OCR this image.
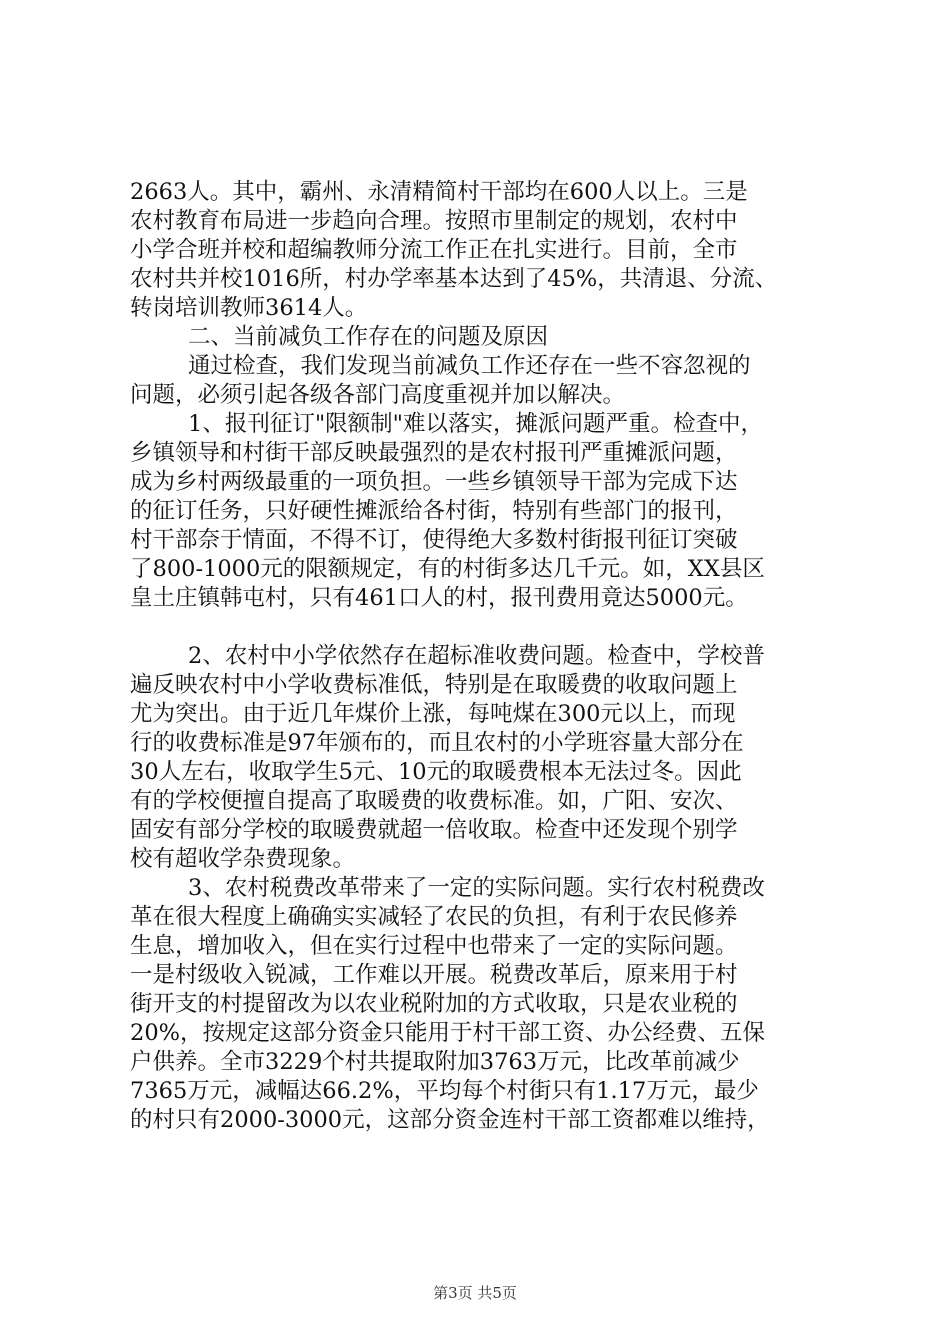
2663人。其中，霸州、永清精简村干部均在600人以上。三是
农村教育布局进一步趋向合理。按照市里制定的规划，农村中
小学合班并校和超编教师分流工作正在扎实进行。目前，全市
农村共并校1016所，村办学率基本达到了45%，共清退、分流、
转岗培训教师3614人。
二、当前减负工作存在的问题及原因
通过检查，我们发现当前减负工作还存在一些不容忽视的
问题，必须引起各级各部门高度重视并加以解决。
1、报刊征订"限额制"难以落实，摊派问题严重。检查中，
乡镇领导和村街干部反映最强烈的是农村报刊严重摊派问题，
成为乡村两级最重的一项负担。一些乡镇领导干部为完成下达
的征订任务，只好硬性摊派给各村街，特别有些部门的报刊，
村干部奈于情面，不得不订，使得绝大多数村街报刊征订突破
了800-1000元的限额规定，有的村街多达几千元。如，XX县区
皇土庄镇韩屯村，只有461口人的村，报刊费用竟达5000元。
2、农村中小学依然存在超标准收费问题。检查中，学校普
遍反映农村中小学收费标准低，特别是在取暖费的收取问题上
尤为突出。由于近几年煤价上涨，每吨煤在300元以上，而现
行的收费标准是97年颁布的，而且农村的小学班容量大部分在
30人左右，收取学生5元、10元的取暖费根本无法过冬。因此
有的学校便擅自提高了取暖费的收费标准。如，广阳、安次、
固安有部分学校的取暖费就超一倍收取。检查中还发现个别学
校有超收学杂费现象。
3、农村税费改革带来了一定的实际问题。实行农村税费改
革在很大程度上确确实实减轻了农民的负担，有利于农民修养
生息，增加收入，但在实行过程中也带来了一定的实际问题。
一是村级收入锐减，工作难以开展。税费改革后，原来用于村
街开支的村提留改为以农业税附加的方式收取，只是农业税的
20%，按规定这部分资金只能用于村干部工资、办公经费、五保
户供养。全市3229个村共提取附加3763万元，比改革前减少
7365万元，减幅达66.2%，平均每个村街只有1.17万元，最少
的村只有2000-3000元，这部分资金连村干部工资都难以维持，
第3页 共5页
